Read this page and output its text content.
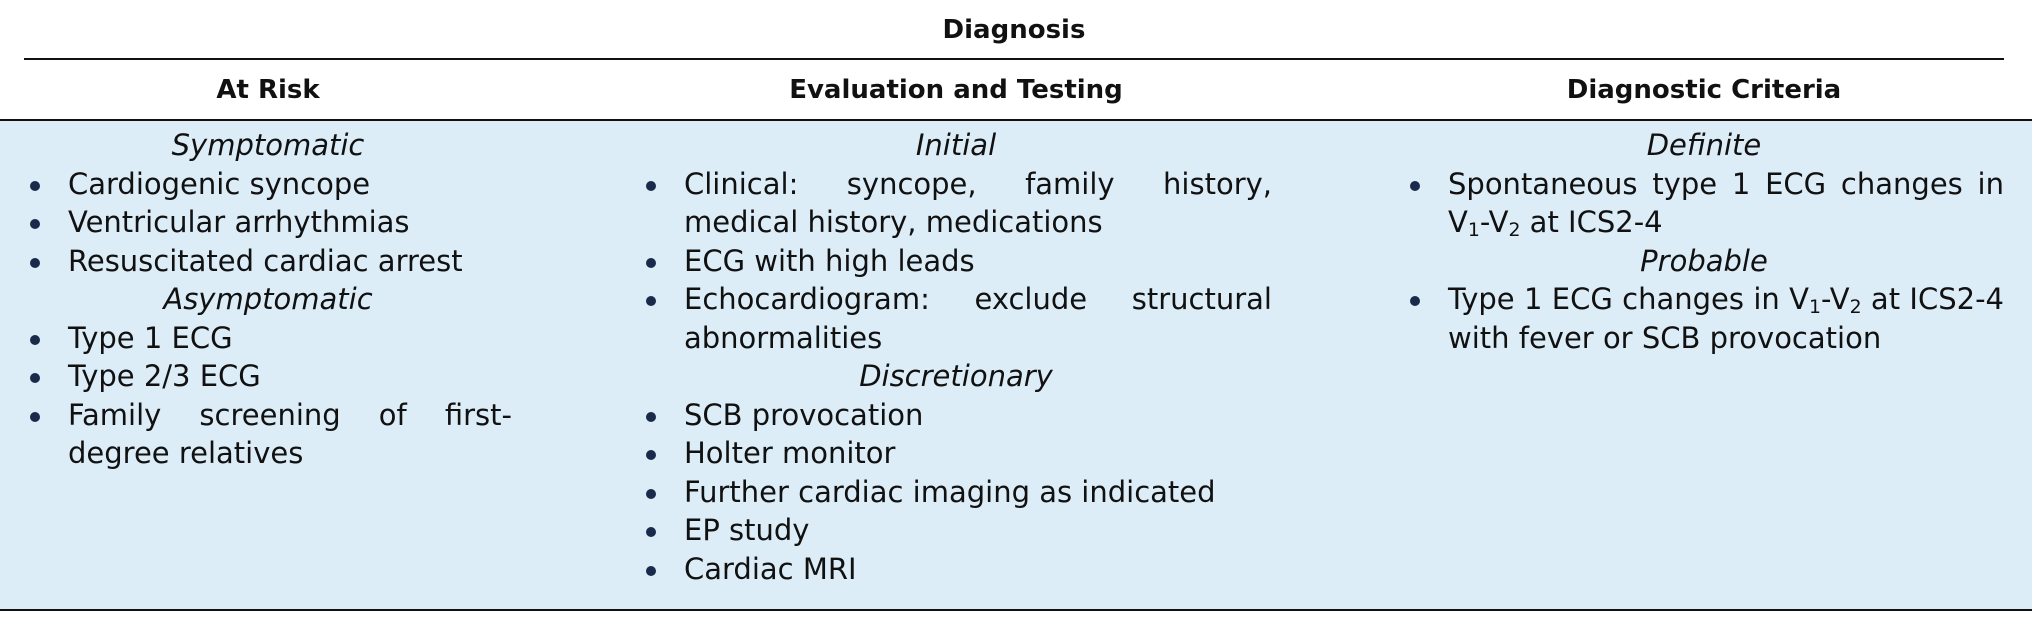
Diagnosis
At Risk	Evaluation and Testing	Diagnostic Criteria
Symptomatic
Cardiogenic syncope
Ventricular arrhythmias
Resuscitated cardiac arrest
Asymptomatic
Type 1 ECG
Type 2/3 ECG
Family screening of first-degree relatives
Initial
Clinical: syncope, family history, medical history, medications
ECG with high leads
Echocardiogram: exclude structural abnormalities
Discretionary
SCB provocation
Holter monitor
Further cardiac imaging as indicated
EP study
Cardiac MRI
Definite
Spontaneous type 1 ECG changes in $V_1-V_2$ at ICS2-4
Probable
Type 1 ECG changes in $V_1-V_2$ at ICS2-4 with fever or SCB provocation
